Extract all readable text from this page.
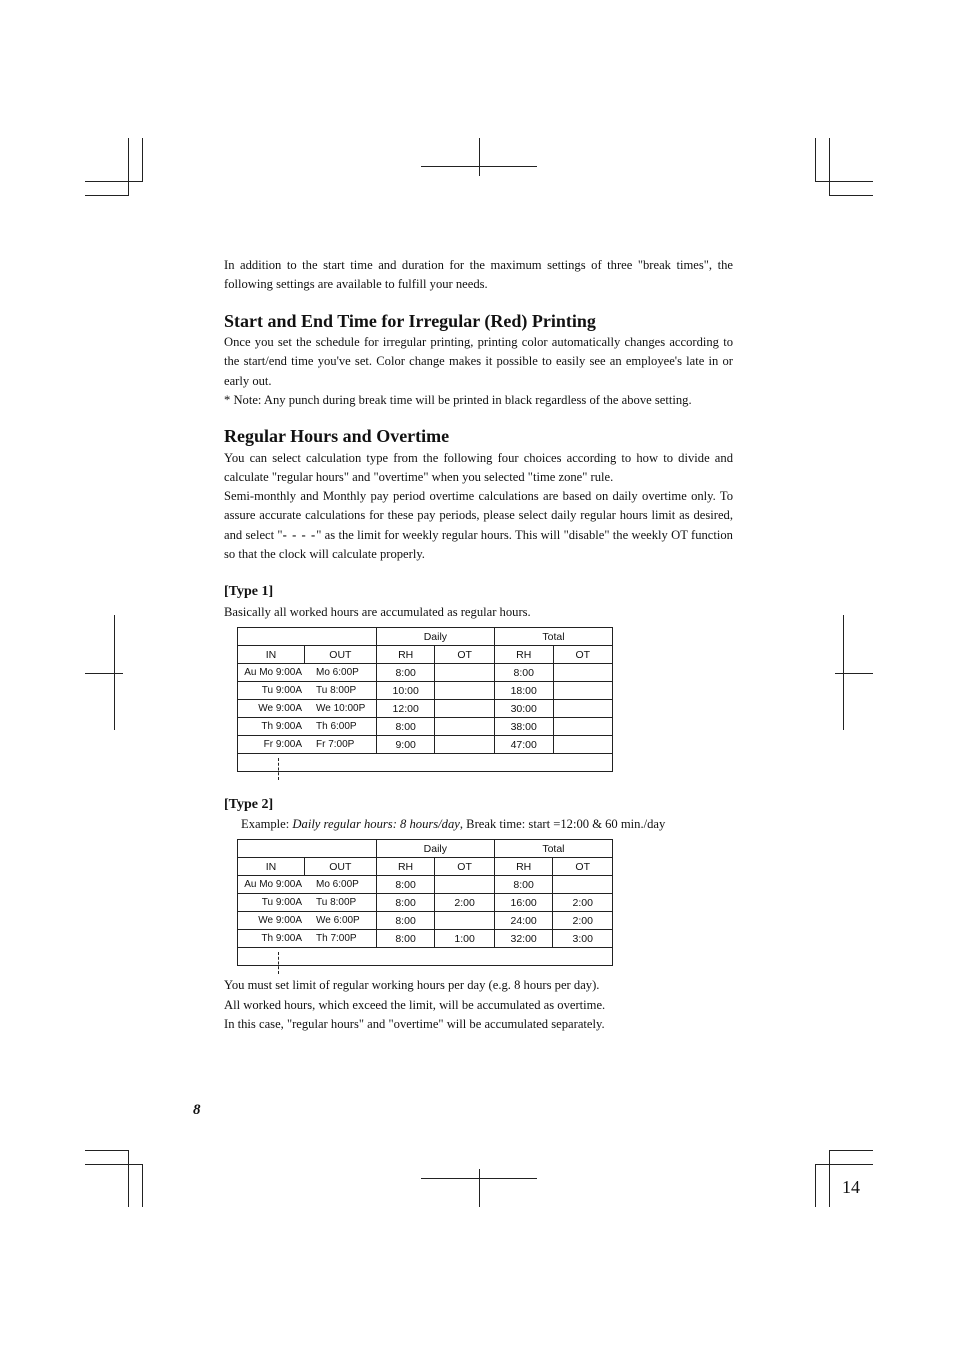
In addition to the start time and duration for the maximum settings of three "break times", the following settings are available to fulfill your needs.

Start and End Time for Irregular (Red) Printing

Once you set the schedule for irregular printing, printing color automatically changes according to the start/end time you've set. Color change makes it possible to easily see an employee's late in or early out.

* Note: Any punch during break time will be printed in black regardless of the above setting.

Regular Hours and Overtime

You can select calculation type from the following four choices according to how to divide and calculate "regular hours" and "overtime" when you selected "time zone" rule.

Semi-monthly and Monthly pay period overtime calculations are based on daily overtime only. To assure accurate calculations for these pay periods, please select daily regular hours limit as desired, and select "- - - -" as the limit for weekly regular hours. This will "disable" the weekly OT function so that the clock will calculate properly.

[Type 1]
Basically all worked hours are accumulated as regular hours.
		Daily		Total	
IN	OUT	RH	OT	RH	OT
Au Mo 9:00A Mo 6:00P		8:00		8:00	
Tu 9:00A Tu 8:00P		10:00		18:00	
We 9:00A We 10:00P		12:00		30:00	
Th 9:00A Th 6:00P		8:00		38:00	
Fr 9:00A Fr 7:00P		9:00		47:00	

[Type 2]
Example: Daily regular hours: 8 hours/day, Break time: start =12:00 & 60 min./day
		Daily		Total	
IN	OUT	RH	OT	RH	OT
Au Mo 9:00A Mo 6:00P		8:00		8:00	
Tu 9:00A Tu 8:00P		8:00	2:00	16:00	2:00
We 9:00A We 6:00P		8:00		24:00	2:00
Th 9:00A Th 7:00P		8:00	1:00	32:00	3:00

You must set limit of regular working hours per day (e.g. 8 hours per day).
All worked hours, which exceed the limit, will be accumulated as overtime.
In this case, "regular hours" and "overtime" will be accumulated separately.
8
14
